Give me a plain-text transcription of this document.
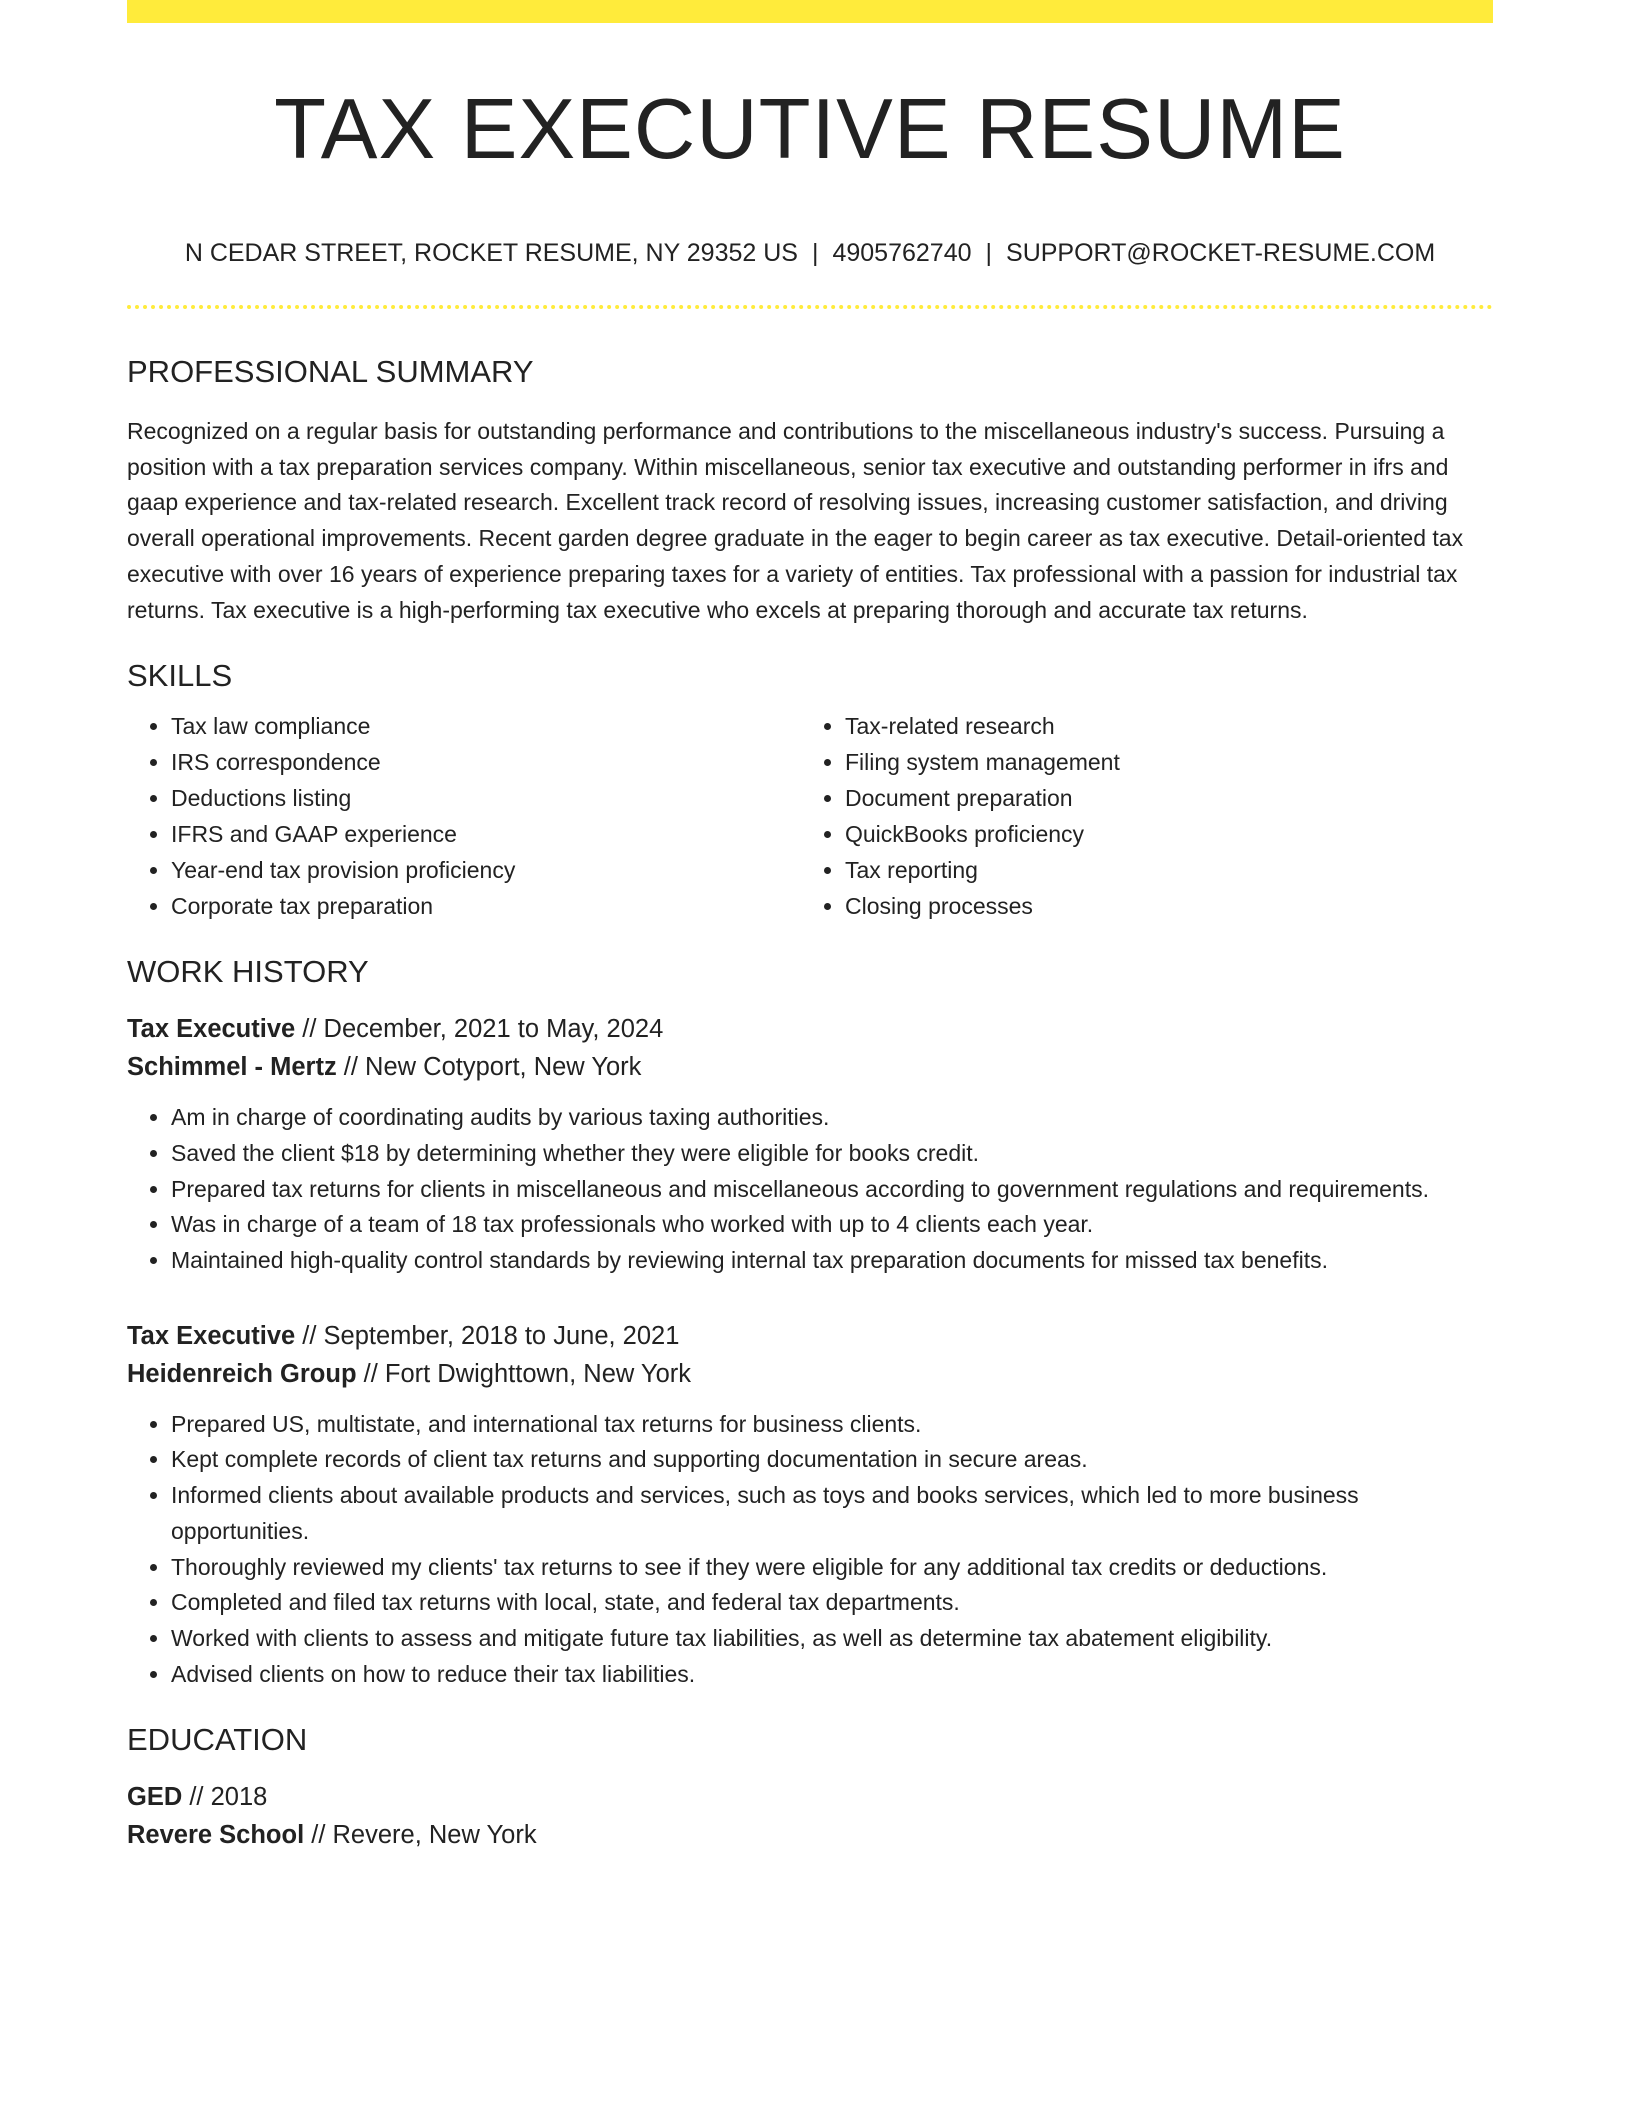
TAX EXECUTIVE RESUME
N CEDAR STREET, ROCKET RESUME, NY 29352 US | 4905762740 | SUPPORT@ROCKET-RESUME.COM
PROFESSIONAL SUMMARY

Recognized on a regular basis for outstanding performance and contributions to the miscellaneous industry's success. Pursuing a position with a tax preparation services company. Within miscellaneous, senior tax executive and outstanding performer in ifrs and gaap experience and tax-related research. Excellent track record of resolving issues, increasing customer satisfaction, and driving overall operational improvements. Recent garden degree graduate in the eager to begin career as tax executive. Detail-oriented tax executive with over 16 years of experience preparing taxes for a variety of entities. Tax professional with a passion for industrial tax returns. Tax executive is a high-performing tax executive who excels at preparing thorough and accurate tax returns.

SKILLS
• Tax law compliance
• IRS correspondence
• Deductions listing
• IFRS and GAAP experience
• Year-end tax provision proficiency
• Corporate tax preparation
• Tax-related research
• Filing system management
• Document preparation
• QuickBooks proficiency
• Tax reporting
• Closing processes
WORK HISTORY
Tax Executive // December, 2021 to May, 2024
Schimmel - Mertz // New Cotyport, New York
• Am in charge of coordinating audits by various taxing authorities.
• Saved the client $18 by determining whether they were eligible for books credit.
• Prepared tax returns for clients in miscellaneous and miscellaneous according to government regulations and requirements.
• Was in charge of a team of 18 tax professionals who worked with up to 4 clients each year.
• Maintained high-quality control standards by reviewing internal tax preparation documents for missed tax benefits.
Tax Executive // September, 2018 to June, 2021
Heidenreich Group // Fort Dwighttown, New York
• Prepared US, multistate, and international tax returns for business clients.
• Kept complete records of client tax returns and supporting documentation in secure areas.
• Informed clients about available products and services, such as toys and books services, which led to more business opportunities.
• Thoroughly reviewed my clients' tax returns to see if they were eligible for any additional tax credits or deductions.
• Completed and filed tax returns with local, state, and federal tax departments.
• Worked with clients to assess and mitigate future tax liabilities, as well as determine tax abatement eligibility.
• Advised clients on how to reduce their tax liabilities.
EDUCATION
GED // 2018
Revere School // Revere, New York
